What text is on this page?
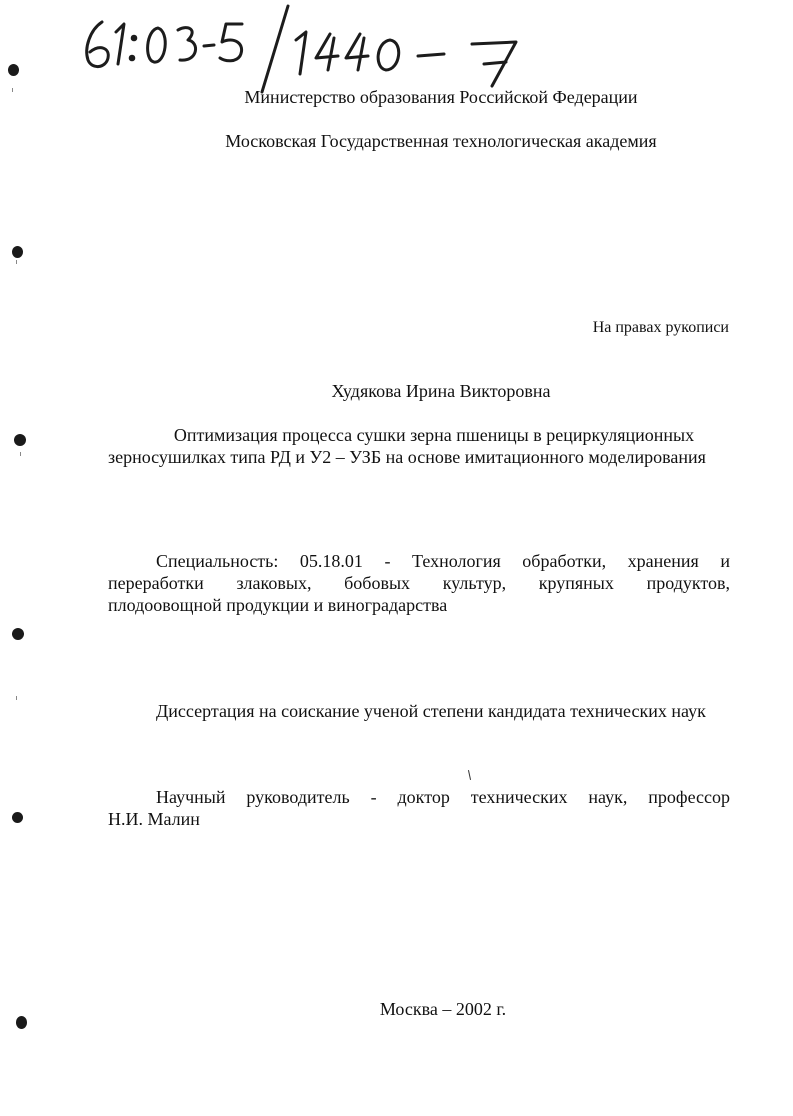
Министерство образования Российской Федерации
Московская Государственная технологическая академия
На правах рукописи
Худякова Ирина Викторовна
Оптимизация процесса сушки зерна пшеницы в рециркуляционных
зерносушилках типа РД и У2 – УЗБ на основе имитационного моделирования
Специальность: 05.18.01 - Технология обработки, хранения и
переработки злаковых, бобовых культур, крупяных продуктов,
плодоовощной продукции и виноградарства
Диссертация на соискание ученой степени кандидата технических наук
Научный руководитель - доктор технических наук, профессор
Н.И. Малин
Москва – 2002 г.
